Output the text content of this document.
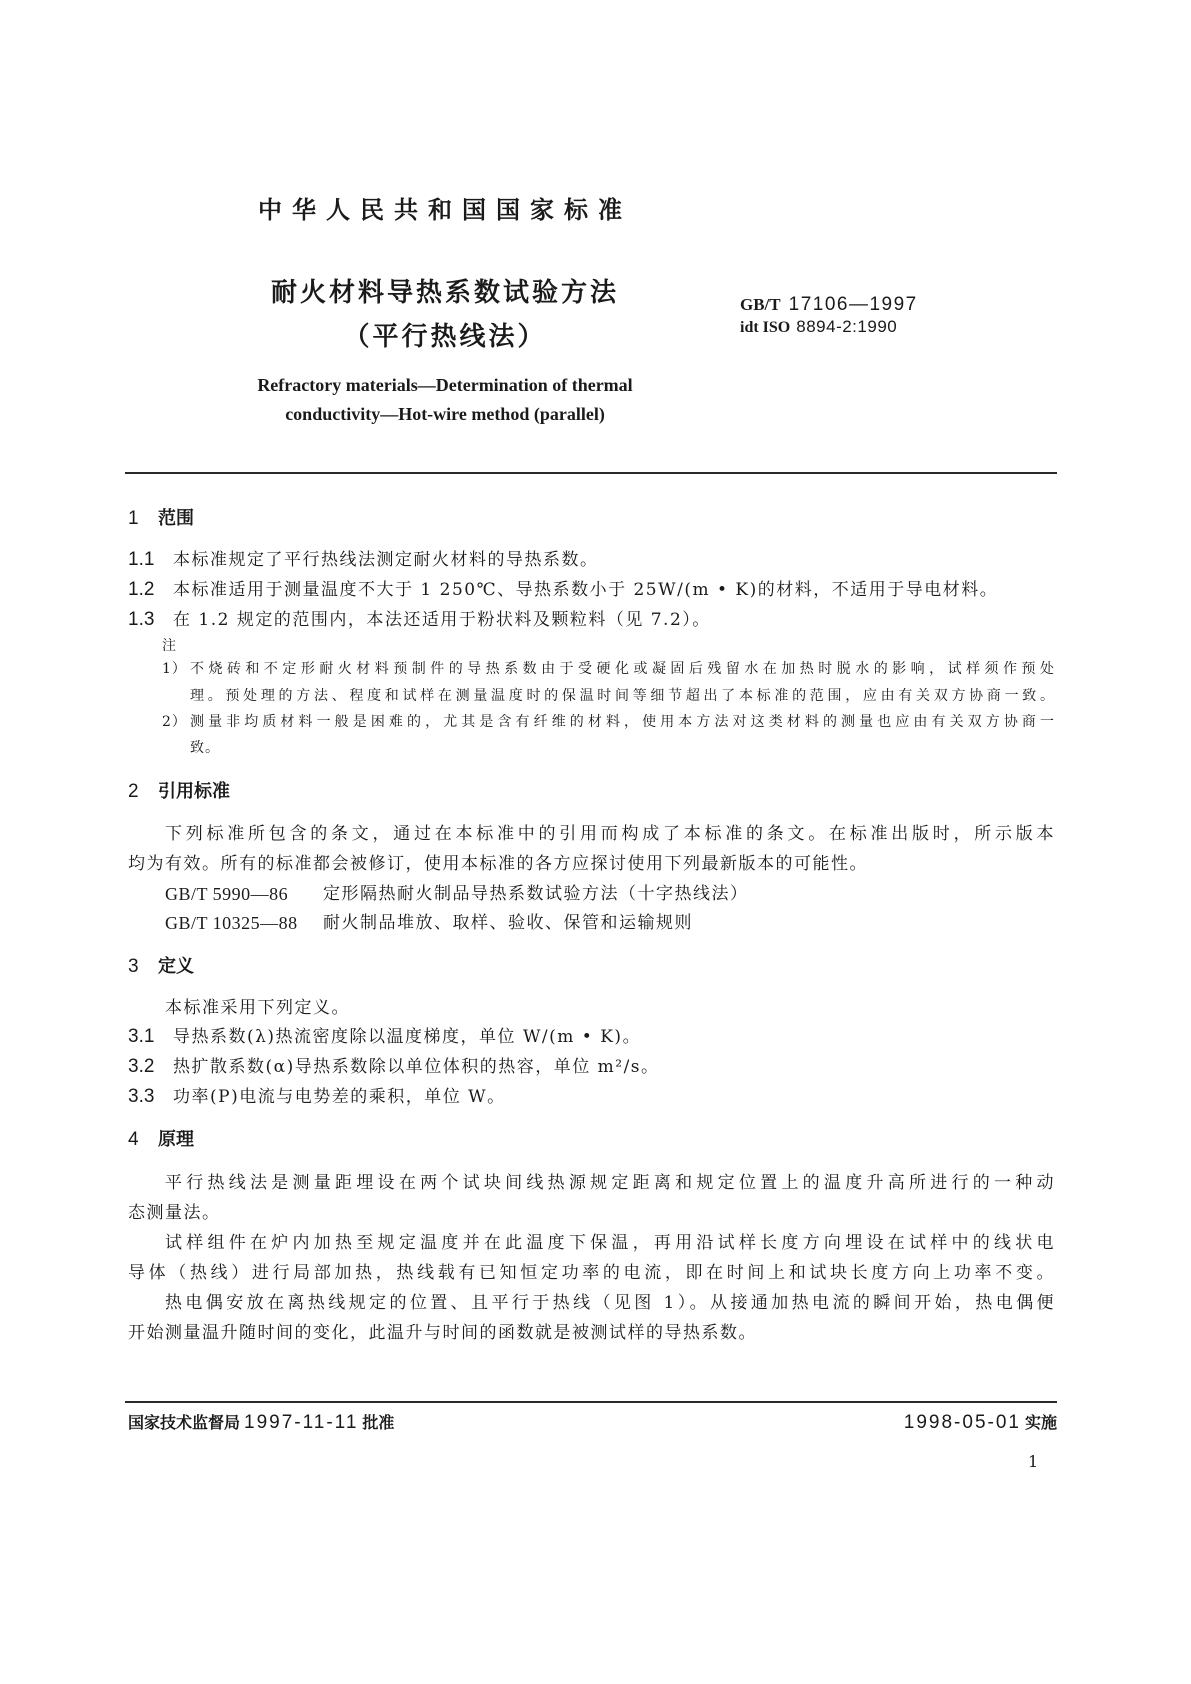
中华人民共和国国家标准
耐火材料导热系数试验方法
（平行热线法）
GB/T 17106—1997
idt ISO 8894-2:1990
Refractory materials—Determination of thermal
conductivity—Hot-wire method (parallel)
1	范围
1.1	本标准规定了平行热线法测定耐火材料的导热系数。
1.2	本标准适用于测量温度不大于 1 250℃、导热系数小于 25W/(m • K)的材料，不适用于导电材料。
1.3	在 1.2 规定的范围内，本法还适用于粉状料及颗粒料（见 7.2）。
注
1） 不烧砖和不定形耐火材料预制件的导热系数由于受硬化或凝固后残留水在加热时脱水的影响，试样须作预处
理。预处理的方法、程度和试样在测量温度时的保温时间等细节超出了本标准的范围，应由有关双方协商一致。
2） 测量非均质材料一般是困难的，尤其是含有纤维的材料，使用本方法对这类材料的测量也应由有关双方协商一
致。
2	引用标准
下列标准所包含的条文，通过在本标准中的引用而构成了本标准的条文。在标准出版时，所示版本
均为有效。所有的标准都会被修订，使用本标准的各方应探讨使用下列最新版本的可能性。
GB/T 5990—86	定形隔热耐火制品导热系数试验方法（十字热线法）
GB/T 10325—88	耐火制品堆放、取样、验收、保管和运输规则
3	定义
本标准采用下列定义。
3.1	导热系数(λ)热流密度除以温度梯度，单位 W/(m • K)。
3.2	热扩散系数(α)导热系数除以单位体积的热容，单位 m²/s。
3.3	功率(P)电流与电势差的乘积，单位 W。
4	原理
平行热线法是测量距埋设在两个试块间线热源规定距离和规定位置上的温度升高所进行的一种动
态测量法。
试样组件在炉内加热至规定温度并在此温度下保温，再用沿试样长度方向埋设在试样中的线状电
导体（热线）进行局部加热，热线载有已知恒定功率的电流，即在时间上和试块长度方向上功率不变。
热电偶安放在离热线规定的位置、且平行于热线（见图 1）。从接通加热电流的瞬间开始，热电偶便
开始测量温升随时间的变化，此温升与时间的函数就是被测试样的导热系数。
国家技术监督局 1997-11-11 批准	1998-05-01 实施
1
